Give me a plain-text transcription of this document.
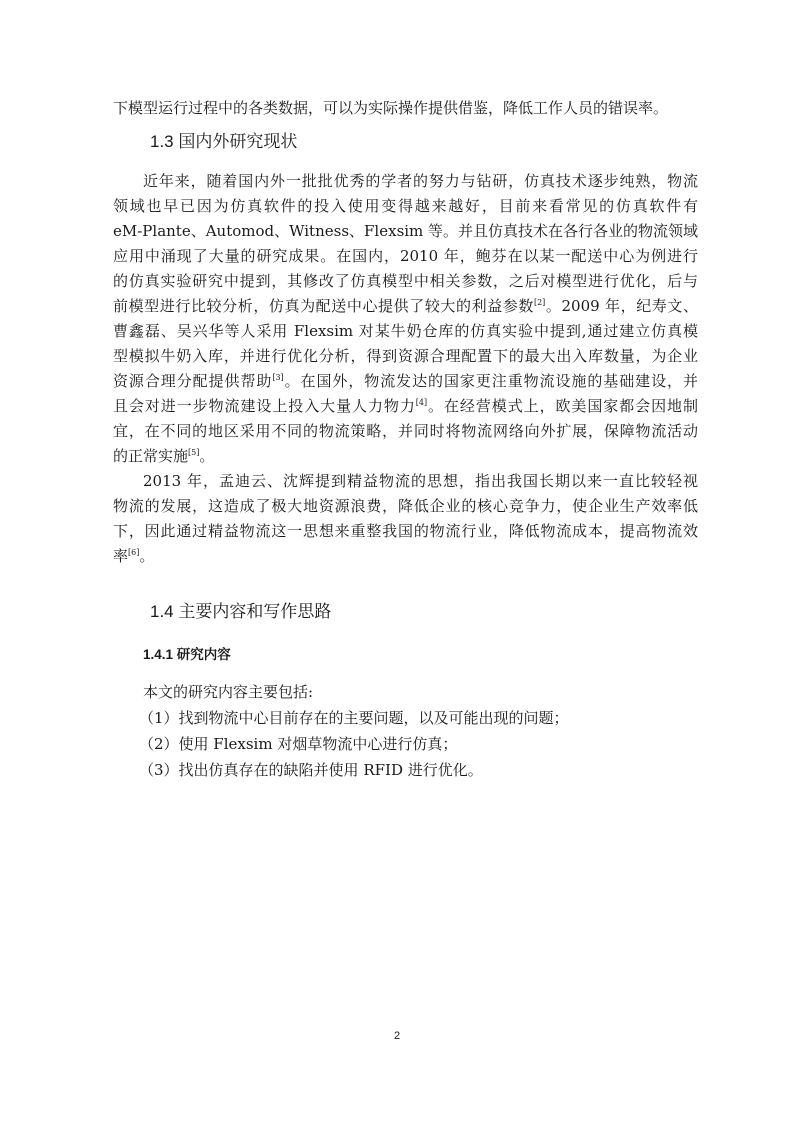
下模型运行过程中的各类数据，可以为实际操作提供借鉴，降低工作人员的错误率。
1.3 国内外研究现状
近年来，随着国内外一批批优秀的学者的努力与钻研，仿真技术逐步纯熟，物流
领域也早已因为仿真软件的投入使用变得越来越好，目前来看常见的仿真软件有
eM-Plante、Automod、Witness、Flexsim 等。并且仿真技术在各行各业的物流领域
应用中涌现了大量的研究成果。在国内，2010 年，鲍芬在以某一配送中心为例进行
的仿真实验研究中提到，其修改了仿真模型中相关参数，之后对模型进行优化，后与
前模型进行比较分析，仿真为配送中心提供了较大的利益参数[2]。2009 年，纪寿文、
曹鑫磊、吴兴华等人采用 Flexsim 对某牛奶仓库的仿真实验中提到,通过建立仿真模
型模拟牛奶入库，并进行优化分析，得到资源合理配置下的最大出入库数量，为企业
资源合理分配提供帮助[3]。在国外，物流发达的国家更注重物流设施的基础建设，并
且会对进一步物流建设上投入大量人力物力[4]。在经营模式上，欧美国家都会因地制
宜，在不同的地区采用不同的物流策略，并同时将物流网络向外扩展，保障物流活动
的正常实施[5]。
2013 年，孟迪云、沈辉提到精益物流的思想，指出我国长期以来一直比较轻视
物流的发展，这造成了极大地资源浪费，降低企业的核心竞争力，使企业生产效率低
下，因此通过精益物流这一思想来重整我国的物流行业，降低物流成本，提高物流效
率[6]。
1.4 主要内容和写作思路
1.4.1 研究内容
本文的研究内容主要包括:
（1）找到物流中心目前存在的主要问题，以及可能出现的问题；
（2）使用 Flexsim 对烟草物流中心进行仿真；
（3）找出仿真存在的缺陷并使用 RFID 进行优化。
2
